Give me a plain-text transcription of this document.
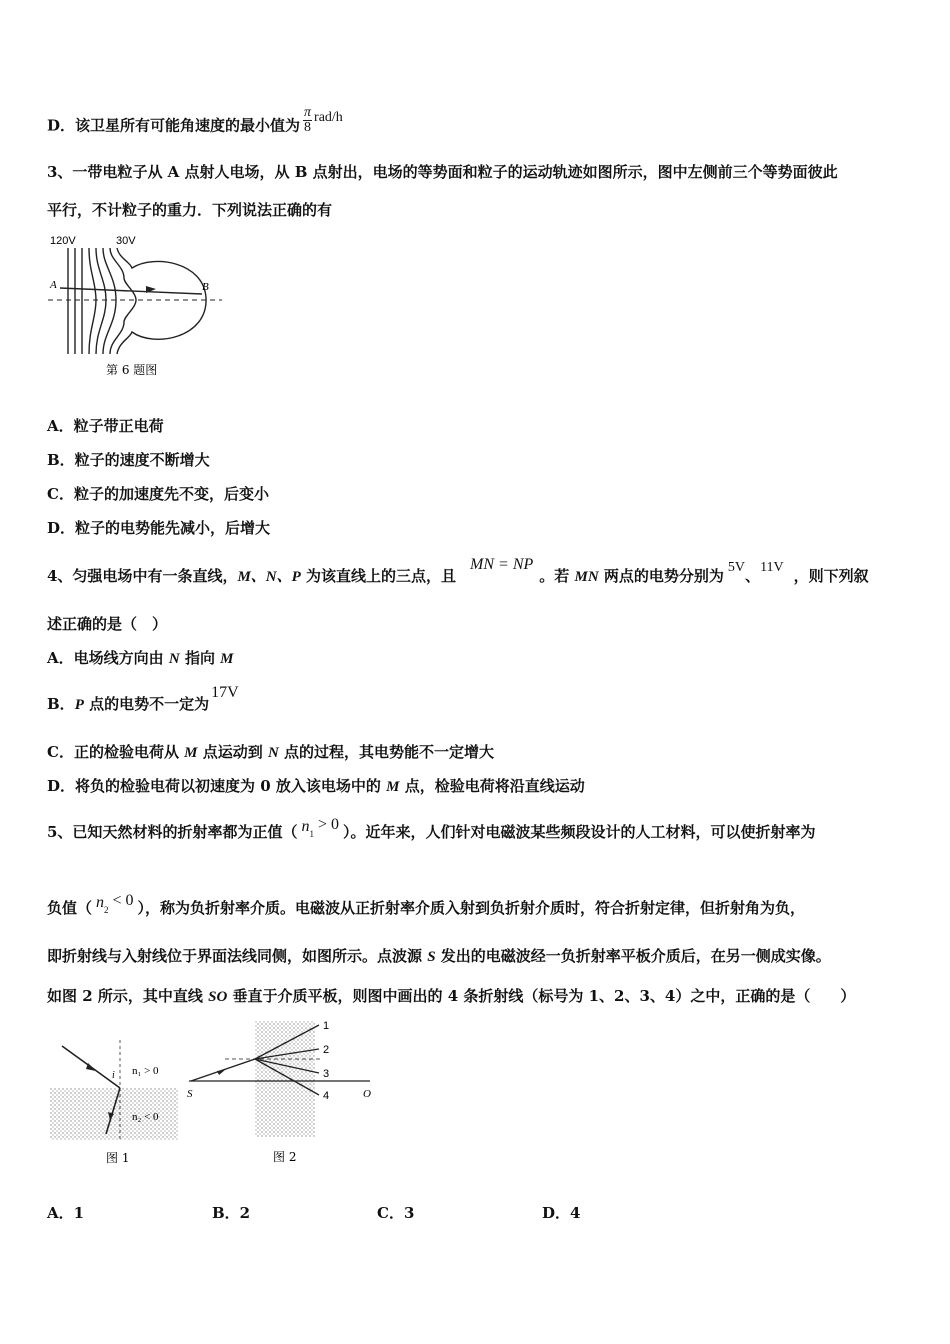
D．该卫星所有可能角速度的最小值为 $\frac{\pi}{8} rad/h$
3、一带电粒子从 A 点射人电场，从 B 点射出，电场的等势面和粒子的运动轨迹如图所示，图中左侧前三个等势面彼此
平行，不计粒子的重力．下列说法正确的有
120V	30V
A	B
第 6 题图
A．粒子带正电荷
B．粒子的速度不断增大
C．粒子的加速度先不变，后变小
D．粒子的电势能先减小，后增大
4、匀强电场中有一条直线，M、N、P 为该直线上的三点，且MN = NP。若 MN 两点的电势分别为 5V、11V ，则下列叙
述正确的是（　）
A．电场线方向由 N 指向 M
B．P 点的电势不一定为17V
C．正的检验电荷从 M 点运动到 N 点的过程，其电势能不一定增大
D．将负的检验电荷以初速度为 0 放入该电场中的 M 点，检验电荷将沿直线运动
5、已知天然材料的折射率都为正值（ n1 > 0 ）。近年来，人们针对电磁波某些频段设计的人工材料，可以使折射率为
负值（ n2 < 0 ），称为负折射率介质。电磁波从正折射率介质入射到负折射介质时，符合折射定律，但折射角为负，
即折射线与入射线位于界面法线同侧，如图所示。点波源 S 发出的电磁波经一负折射率平板介质后，在另一侧成实像。
如图 2 所示，其中直线 SO 垂直于介质平板，则图中画出的 4 条折射线（标号为 1、2、3、4）之中，正确的是（　　）
i n₁ > 0
n₂ < 0
图 1
1
2
3
4
S	O
图 2
A．1	B．2	C．3	D．4
